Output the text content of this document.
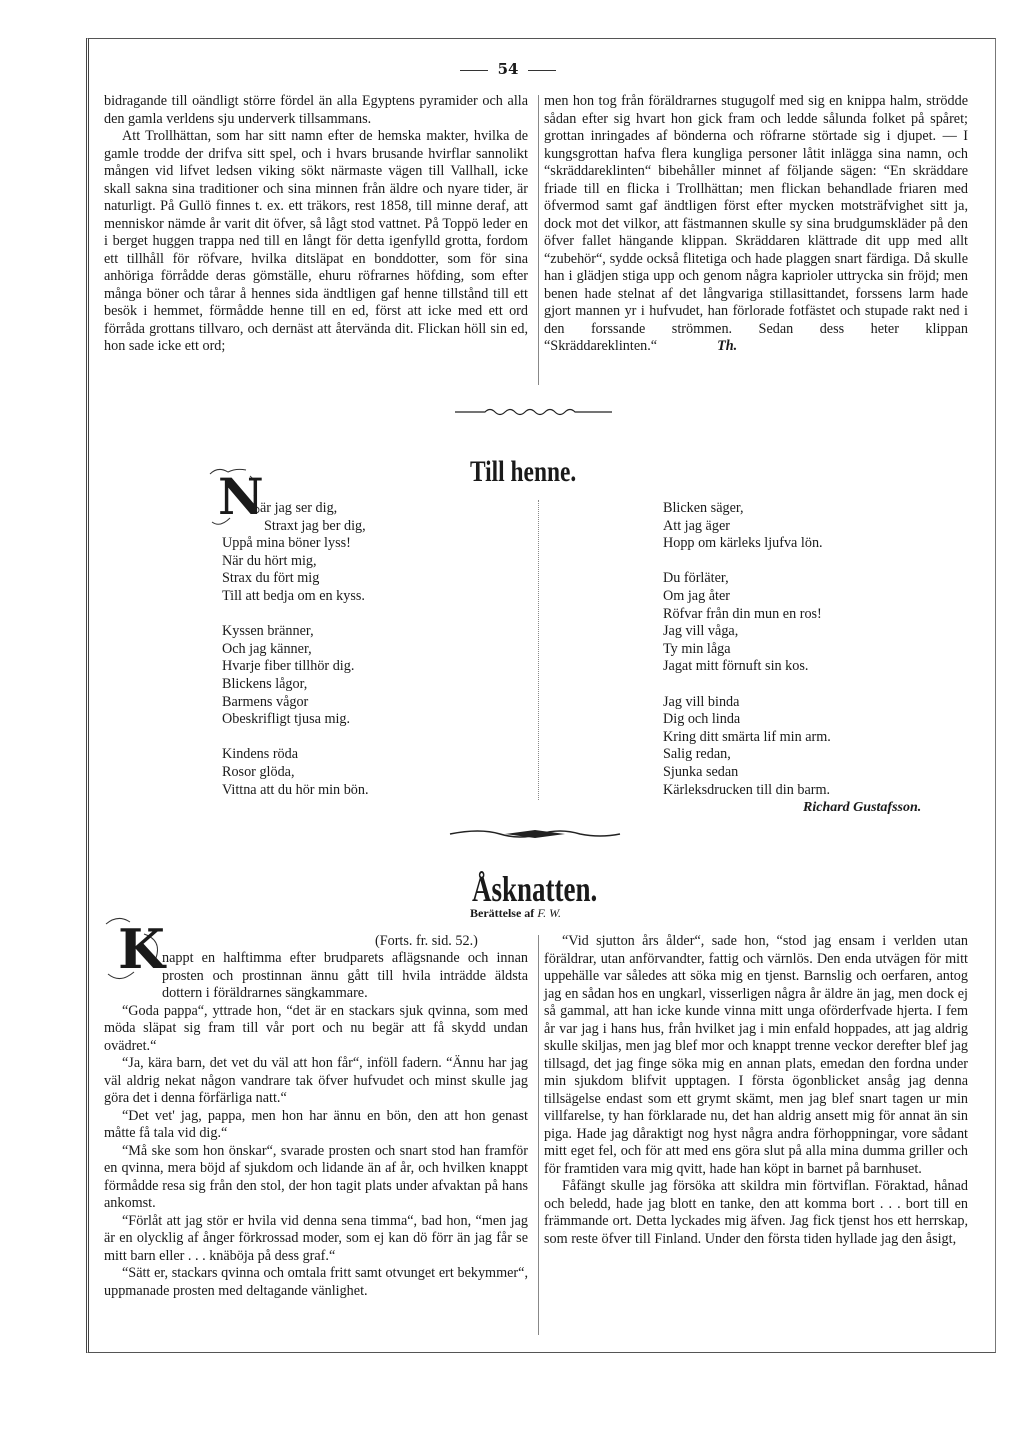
54

bidragande till oändligt större fördel än alla Egyptens pyramider och alla den gamla verldens sju underverk tillsammans.

Att Trollhättan, som har sitt namn efter de hemska makter, hvilka de gamle trodde der drifva sitt spel, och i hvars brusande hvirflar sannolikt mången vid lifvet ledsen viking sökt närmaste vägen till Vallhall, icke skall sakna sina traditioner och sina minnen från äldre och nyare tider, är naturligt. På Gullö finnes t. ex. ett träkors, rest 1858, till minne deraf, att menniskor nämde år varit dit öfver, så lågt stod vattnet. På Toppö leder en i berget huggen trappa ned till en långt för detta igenfylld grotta, fordom ett tillhåll för röfvare, hvilka ditsläpat en bonddotter, som för sina anhöriga förrådde deras gömställe, ehuru röfrarnes höfding, som efter många böner och tårar å hennes sida ändtligen gaf henne tillstånd till ett besök i hemmet, förmådde henne till en ed, först att icke med ett ord förråda grottans tillvaro, och dernäst att återvända dit. Flickan höll sin ed, hon sade icke ett ord;

men hon tog från föräldrarnes stugugolf med sig en knippa halm, strödde sådan efter sig hvart hon gick fram och ledde sålunda folket på spåret; grottan inringades af bönderna och röfrarne störtade sig i djupet. — I kungsgrottan hafva flera kungliga personer låtit inlägga sina namn, och “skräddareklinten“ bibehåller minnet af följande sägen: “En skräddare friade till en flicka i Trollhättan; men flickan behandlade friaren med öfvermod samt gaf ändtligen först efter mycken motsträfvighet sitt ja, dock mot det vilkor, att fästmannen skulle sy sina brudgumskläder på den öfver fallet hängande klippan. Skräddaren klättrade dit upp med allt “zubehör“, sydde också flitetiga och hade plaggen snart färdiga. Då skulle han i glädjen stiga upp och genom några kaprioler uttrycka sin fröjd; men benen hade stelnat af det långvariga stillasittandet, forssens larm hade gjort mannen yr i hufvudet, han förlorade fotfästet och stupade rakt ned i den forssande strömmen. Sedan dess heter klippan “Skräddareklinten.“	Th.

Till henne.
N
är jag ser dig,
Straxt jag ber dig,
Uppå mina böner lyss!
När du hört mig,
Strax du fört mig
Till att bedja om en kyss.
Kyssen bränner,
Och jag känner,
Hvarje fiber tillhör dig.
Blickens lågor,
Barmens vågor
Obeskrifligt tjusa mig.
Kindens röda
Rosor glöda,
Vittna att du hör min bön.
Blicken säger,
Att jag äger
Hopp om kärleks ljufva lön.
Du förläter,
Om jag åter
Röfvar från din mun en ros!
Jag vill våga,
Ty min låga
Jagat mitt förnuft sin kos.
Jag vill binda
Dig och linda
Kring ditt smärta lif min arm.
Salig redan,
Sjunka sedan
Kärleksdrucken till din barm.
Richard Gustafsson.
Åsknatten.
Berättelse af F. W.
K	(Forts. fr. sid. 52.)

nappt en halftimma efter brudparets aflägsnande och innan prosten och prostinnan ännu gått till hvila inträdde äldsta dottern i föräldrarnes sängkammare.

“Goda pappa“, yttrade hon, “det är en stackars sjuk qvinna, som med möda släpat sig fram till vår port och nu begär att få skydd undan ovädret.“

“Ja, kära barn, det vet du väl att hon får“, inföll fadern. “Ännu har jag väl aldrig nekat någon vandrare tak öfver hufvudet och minst skulle jag göra det i denna förfärliga natt.“

“Det vet' jag, pappa, men hon har ännu en bön, den att hon genast måtte få tala vid dig.“

“Må ske som hon önskar“, svarade prosten och snart stod han framför en qvinna, mera böjd af sjukdom och lidande än af år, och hvilken knappt förmådde resa sig från den stol, der hon tagit plats under afvaktan på hans ankomst.

“Förlåt att jag stör er hvila vid denna sena timma“, bad hon, “men jag är en olycklig af ånger förkrossad moder, som ej kan dö förr än jag får se mitt barn eller . . . knäböja på dess graf.“

“Sätt er, stackars qvinna och omtala fritt samt otvunget ert bekymmer“, uppmanade prosten med deltagande vänlighet.

“Vid sjutton års ålder“, sade hon, “stod jag ensam i verlden utan föräldrar, utan anförvandter, fattig och värnlös. Den enda utvägen för mitt uppehälle var således att söka mig en tjenst. Barnslig och oerfaren, antog jag en sådan hos en ungkarl, visserligen några år äldre än jag, men dock ej så gammal, att han icke kunde vinna mitt unga oförderfvade hjerta. I fem år var jag i hans hus, från hvilket jag i min enfald hoppades, att jag aldrig skulle skiljas, men jag blef mor och knappt trenne veckor derefter blef jag tillsagd, det jag finge söka mig en annan plats, emedan den fordna under min sjukdom blifvit upptagen. I första ögonblicket ansåg jag denna tillsägelse endast som ett grymt skämt, men jag blef snart tagen ur min villfarelse, ty han förklarade nu, det han aldrig ansett mig för annat än sin piga. Hade jag dåraktigt nog hyst några andra förhoppningar, vore sådant mitt eget fel, och för att med ens göra slut på alla mina dumma griller och för framtiden vara mig qvitt, hade han köpt in barnet på barnhuset.

Fåfängt skulle jag försöka att skildra min förtviflan. Föraktad, hånad och beledd, hade jag blott en tanke, den att komma bort . . . bort till en främmande ort. Detta lyckades mig äfven. Jag fick tjenst hos ett herrskap, som reste öfver till Finland. Under den första tiden hyllade jag den åsigt,
